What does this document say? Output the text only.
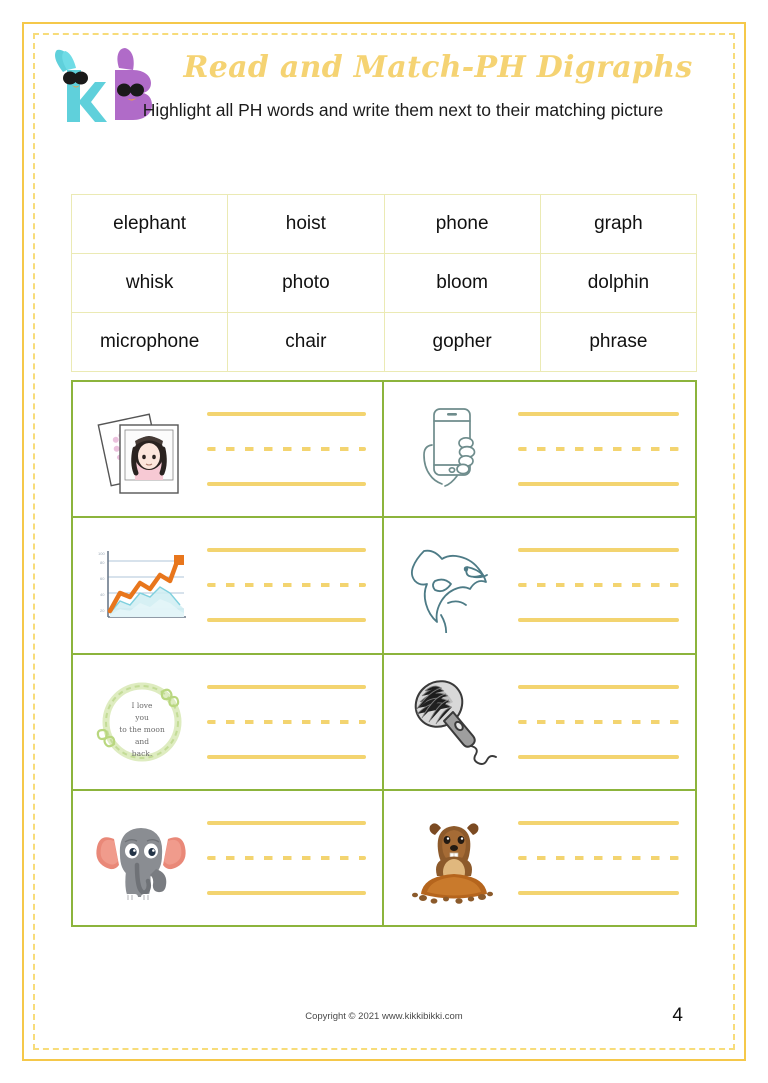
Read and Match-PH Digraphs
Highlight all PH words and write them next to their matching picture
elephant	hoist	phone	graph
whisk	photo	bloom	dolphin
microphone	chair	gopher	phrase
100
80
60
40
20
I love
you
to the moon
and
back.
Copyright © 2021 www.kikkibikki.com	4
